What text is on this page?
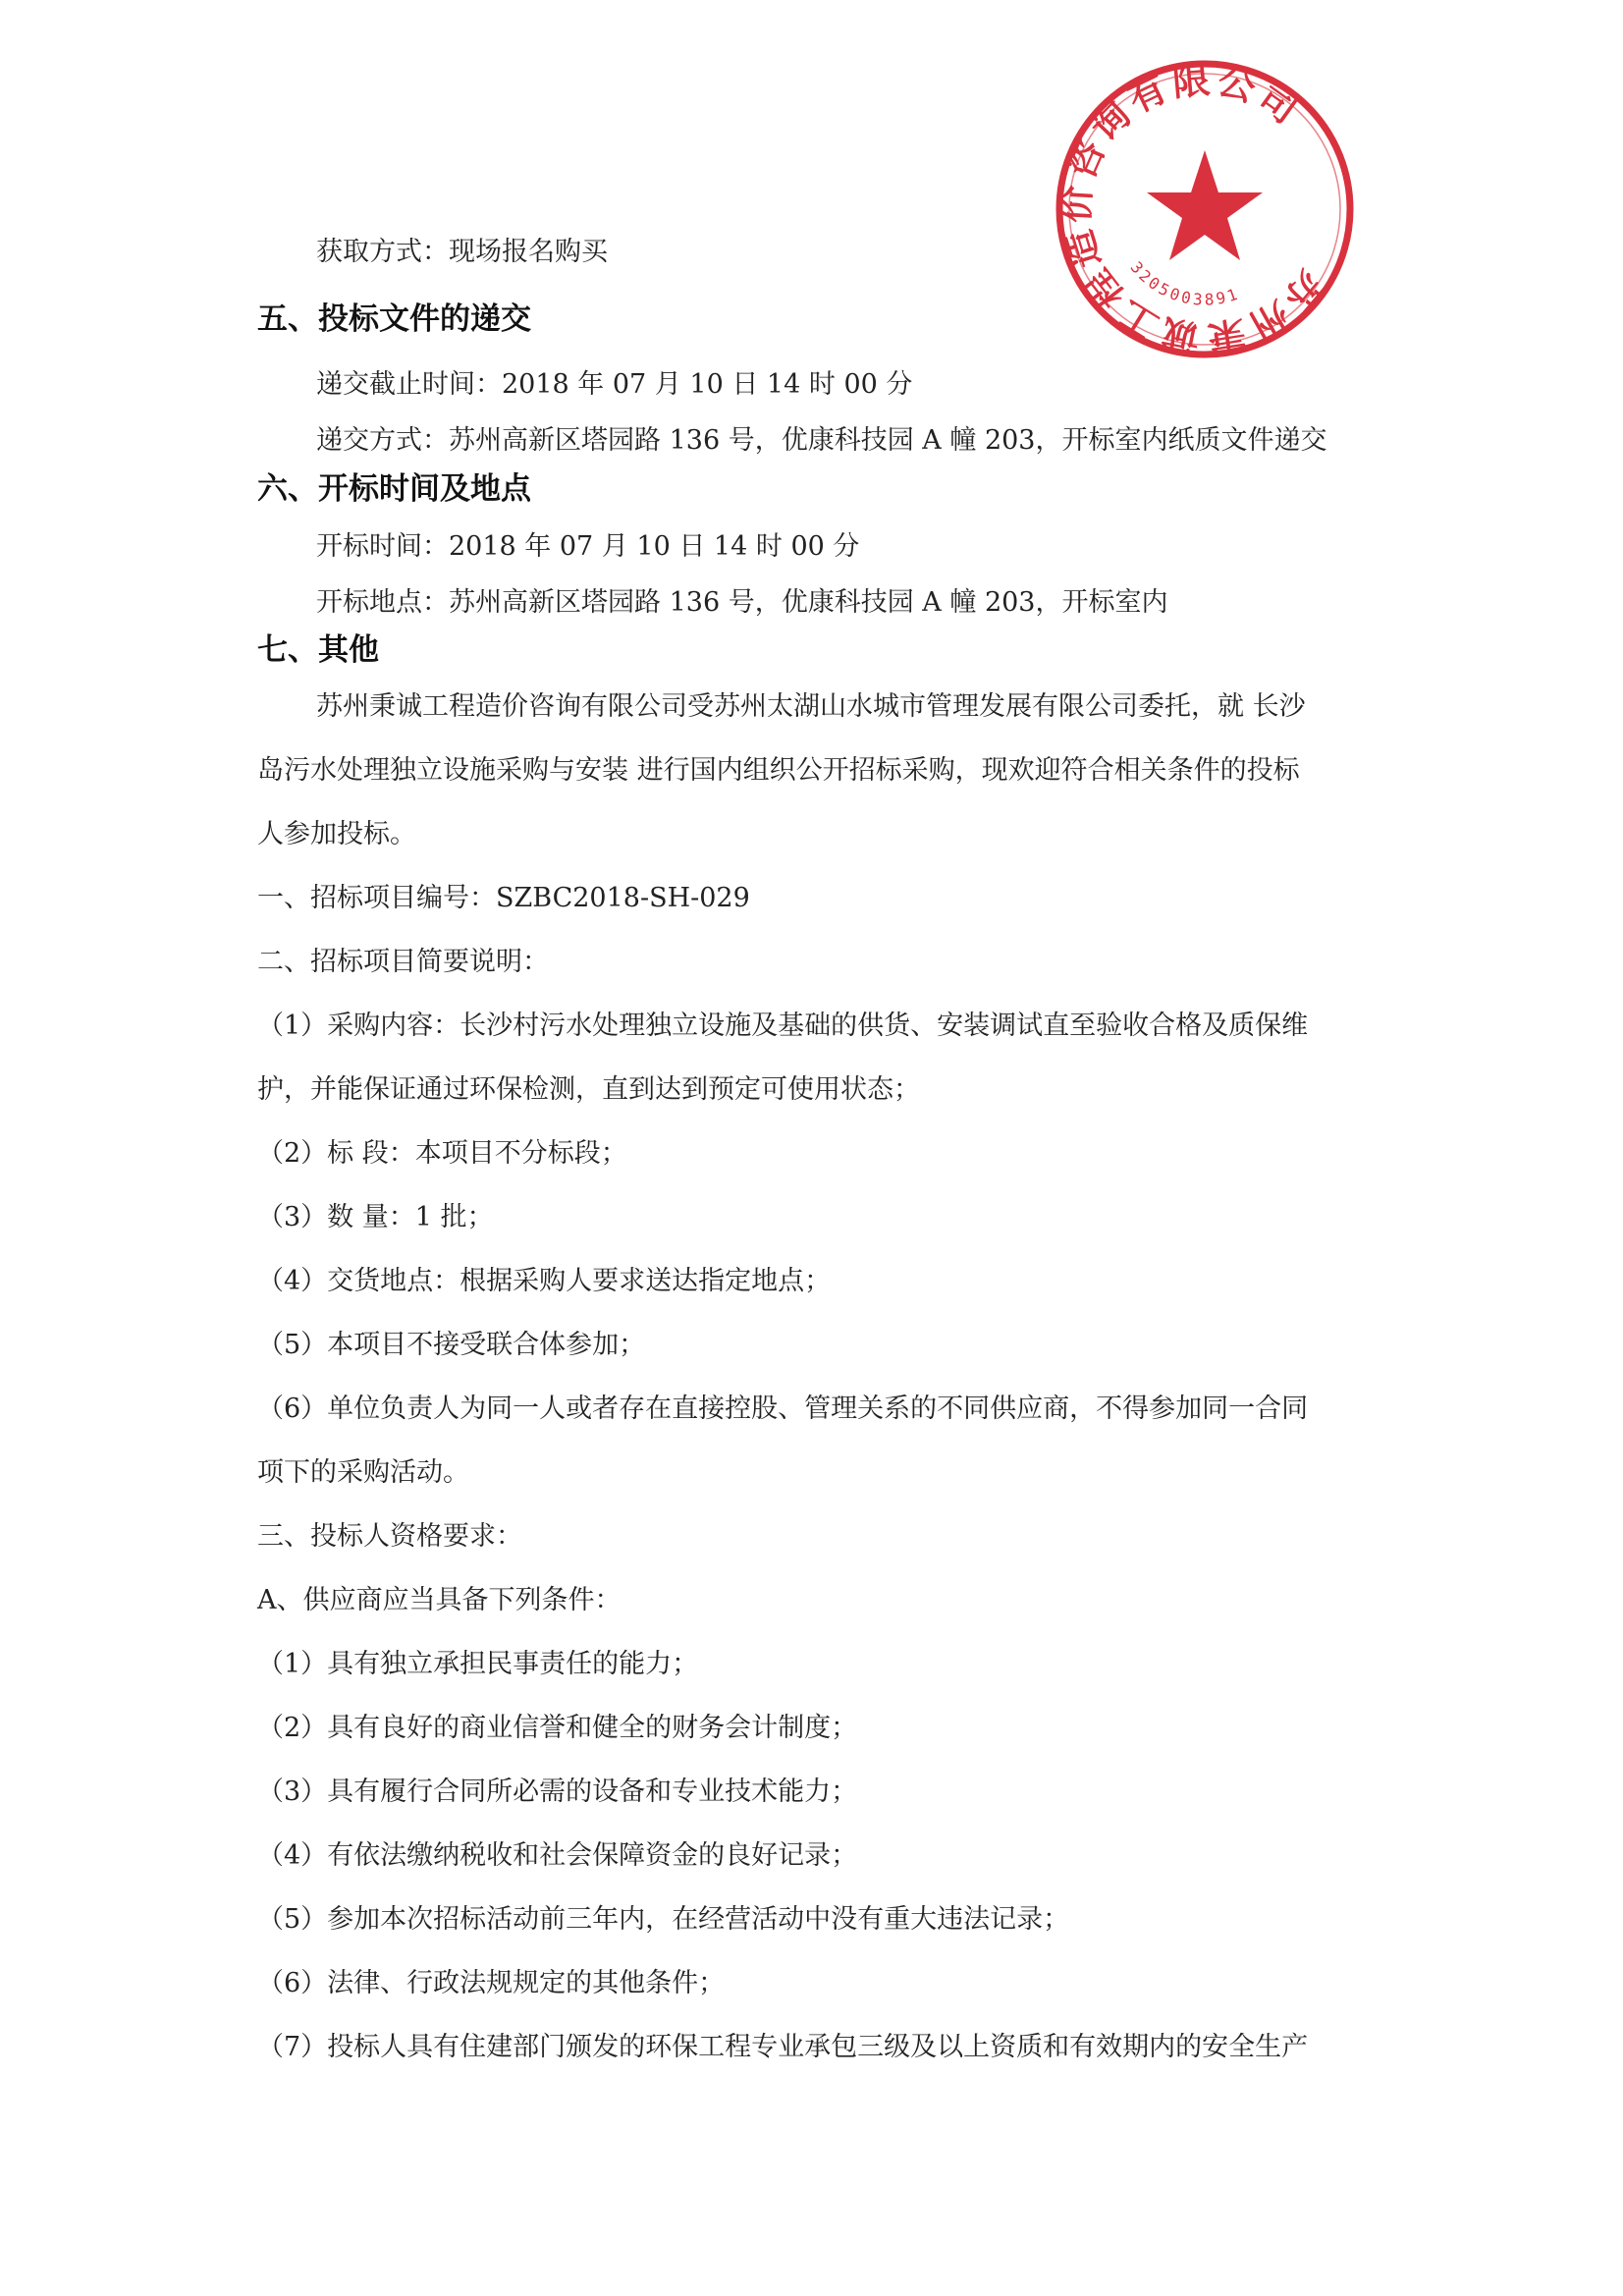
苏州秉诚工程造价咨询有限公司
3205003891
获取方式：现场报名购买
五、投标文件的递交
递交截止时间：2018 年 07 月 10 日 14 时 00 分
递交方式：苏州高新区塔园路 136 号，优康科技园 A 幢 203，开标室内纸质文件递交
六、开标时间及地点
开标时间：2018 年 07 月 10 日 14 时 00 分
开标地点：苏州高新区塔园路 136 号，优康科技园 A 幢 203，开标室内
七、其他
苏州秉诚工程造价咨询有限公司受苏州太湖山水城市管理发展有限公司委托，就 长沙
岛污水处理独立设施采购与安装 进行国内组织公开招标采购，现欢迎符合相关条件的投标
人参加投标。
一、招标项目编号：SZBC2018-SH-029
二、招标项目简要说明：
（1）采购内容：长沙村污水处理独立设施及基础的供货、安装调试直至验收合格及质保维
护，并能保证通过环保检测，直到达到预定可使用状态；
（2）标 段：本项目不分标段；
（3）数 量：1 批；
（4）交货地点：根据采购人要求送达指定地点；
（5）本项目不接受联合体参加；
（6）单位负责人为同一人或者存在直接控股、管理关系的不同供应商，不得参加同一合同
项下的采购活动。
三、投标人资格要求：
A、供应商应当具备下列条件：
（1）具有独立承担民事责任的能力；
（2）具有良好的商业信誉和健全的财务会计制度；
（3）具有履行合同所必需的设备和专业技术能力；
（4）有依法缴纳税收和社会保障资金的良好记录；
（5）参加本次招标活动前三年内，在经营活动中没有重大违法记录；
（6）法律、行政法规规定的其他条件；
（7）投标人具有住建部门颁发的环保工程专业承包三级及以上资质和有效期内的安全生产
